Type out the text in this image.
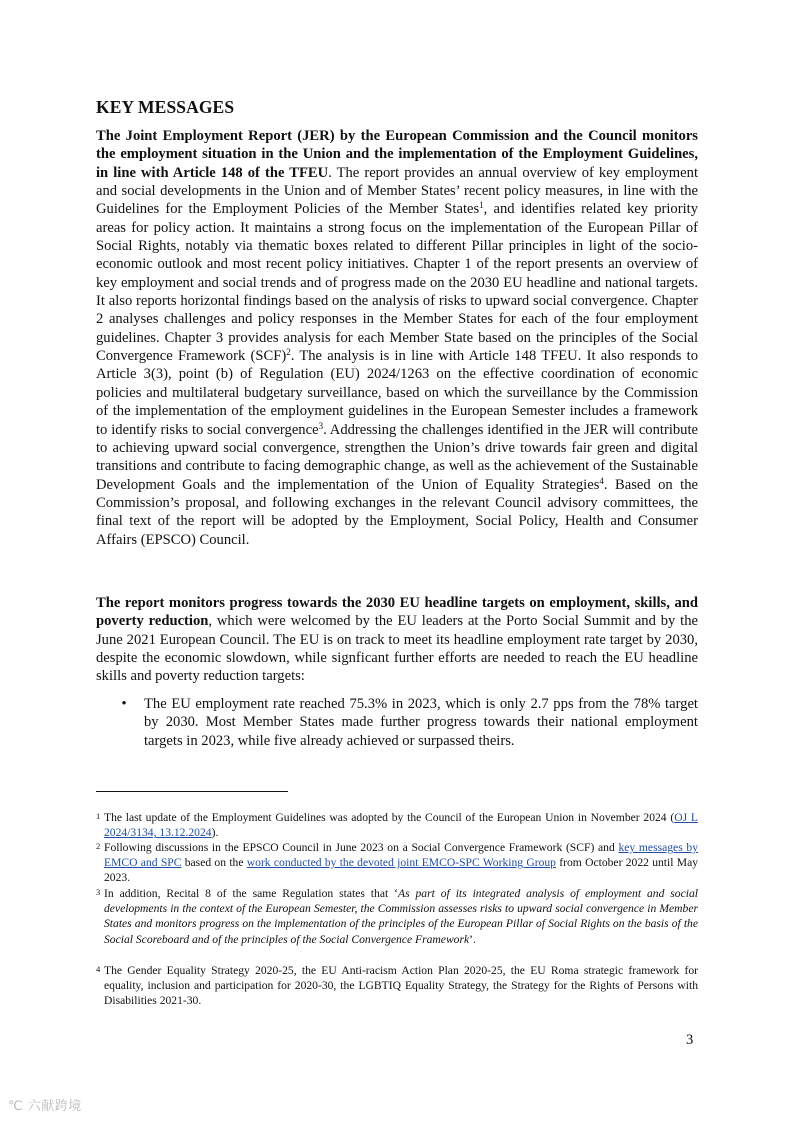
KEY MESSAGES
The Joint Employment Report (JER) by the European Commission and the Council monitors the employment situation in the Union and the implementation of the Employment Guidelines, in line with Article 148 of the TFEU. The report provides an annual overview of key employment and social developments in the Union and of Member States’ recent policy measures, in line with the Guidelines for the Employment Policies of the Member States$^1$, and identifies related key priority areas for policy action. It maintains a strong focus on the implementation of the European Pillar of Social Rights, notably via thematic boxes related to different Pillar principles in light of the socio-economic outlook and most recent policy initiatives. Chapter 1 of the report presents an overview of key employment and social trends and of progress made on the 2030 EU headline and national targets. It also reports horizontal findings based on the analysis of risks to upward social convergence. Chapter 2 analyses challenges and policy responses in the Member States for each of the four employment guidelines. Chapter 3 provides analysis for each Member State based on the principles of the Social Convergence Framework (SCF)$^2$. The analysis is in line with Article 148 TFEU. It also responds to Article 3(3), point (b) of Regulation (EU) 2024/1263 on the effective coordination of economic policies and multilateral budgetary surveillance, based on which the surveillance by the Commission of the implementation of the employment guidelines in the European Semester includes a framework to identify risks to social convergence$^3$. Addressing the challenges identified in the JER will contribute to achieving upward social convergence, strengthen the Union’s drive towards fair green and digital transitions and contribute to facing demographic change, as well as the achievement of the Sustainable Development Goals and the implementation of the Union of Equality Strategies$^4$. Based on the Commission’s proposal, and following exchanges in the relevant Council advisory committees, the final text of the report will be adopted by the Employment, Social Policy, Health and Consumer Affairs (EPSCO) Council.
The report monitors progress towards the 2030 EU headline targets on employment, skills, and poverty reduction, which were welcomed by the EU leaders at the Porto Social Summit and by the June 2021 European Council. The EU is on track to meet its headline employment rate target by 2030, despite the economic slowdown, while signficant further efforts are needed to reach the EU headline skills and poverty reduction targets:
• The EU employment rate reached 75.3% in 2023, which is only 2.7 pps from the 78% target by 2030. Most Member States made further progress towards their national employment targets in 2023, while five already achieved or surpassed theirs.
1 The last update of the Employment Guidelines was adopted by the Council of the European Union in November 2024 (OJ L 2024/3134, 13.12.2024).
2 Following discussions in the EPSCO Council in June 2023 on a Social Convergence Framework (SCF) and key messages by EMCO and SPC based on the work conducted by the devoted joint EMCO-SPC Working Group from October 2022 until May 2023.
3 In addition, Recital 8 of the same Regulation states that ‘As part of its integrated analysis of employment and social developments in the context of the European Semester, the Commission assesses risks to upward social convergence in Member States and monitors progress on the implementation of the principles of the European Pillar of Social Rights on the basis of the Social Scoreboard and of the principles of the Social Convergence Framework’.
4 The Gender Equality Strategy 2020-25, the EU Anti-racism Action Plan 2020-25, the EU Roma strategic framework for equality, inclusion and participation for 2020-30, the LGBTIQ Equality Strategy, the Strategy for the Rights of Persons with Disabilities 2021-30.
3
℃ 六献跨境
